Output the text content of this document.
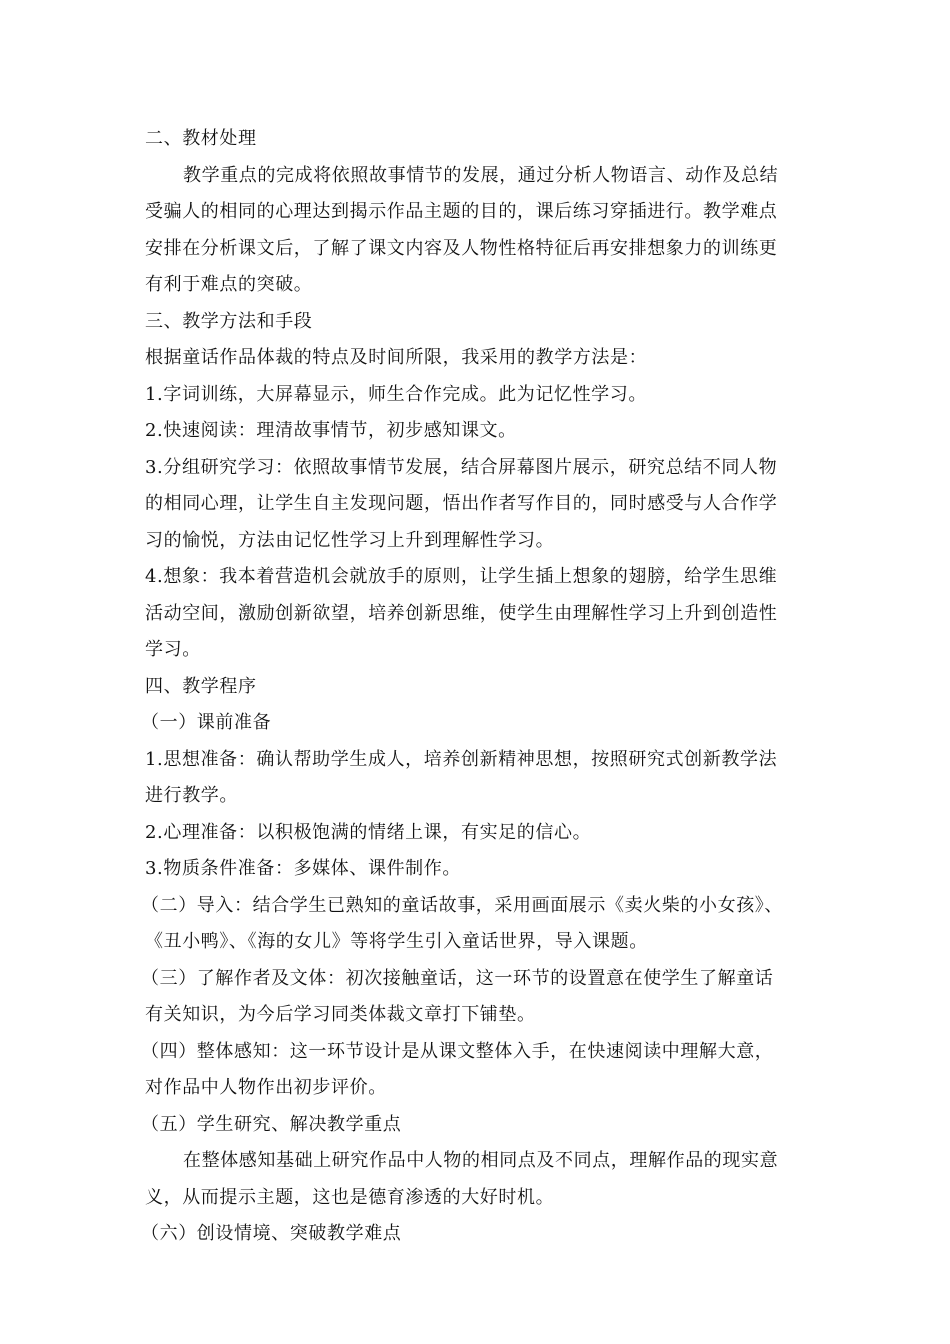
二、教材处理
教学重点的完成将依照故事情节的发展，通过分析人物语言、动作及总结
受骗人的相同的心理达到揭示作品主题的目的，课后练习穿插进行。教学难点
安排在分析课文后，了解了课文内容及人物性格特征后再安排想象力的训练更
有利于难点的突破。
三、教学方法和手段
根据童话作品体裁的特点及时间所限，我采用的教学方法是：
1.字词训练，大屏幕显示，师生合作完成。此为记忆性学习。
2.快速阅读：理清故事情节，初步感知课文。
3.分组研究学习：依照故事情节发展，结合屏幕图片展示，研究总结不同人物
的相同心理，让学生自主发现问题，悟出作者写作目的，同时感受与人合作学
习的愉悦，方法由记忆性学习上升到理解性学习。
4.想象：我本着营造机会就放手的原则，让学生插上想象的翅膀，给学生思维
活动空间，激励创新欲望，培养创新思维，使学生由理解性学习上升到创造性
学习。
四、教学程序
（一）课前准备
1.思想准备：确认帮助学生成人，培养创新精神思想，按照研究式创新教学法
进行教学。
2.心理准备：以积极饱满的情绪上课，有实足的信心。
3.物质条件准备：多媒体、课件制作。
（二）导入：结合学生已熟知的童话故事，采用画面展示《卖火柴的小女孩》、
《丑小鸭》、《海的女儿》等将学生引入童话世界，导入课题。
（三）了解作者及文体：初次接触童话，这一环节的设置意在使学生了解童话
有关知识，为今后学习同类体裁文章打下铺垫。
（四）整体感知：这一环节设计是从课文整体入手，在快速阅读中理解大意，
对作品中人物作出初步评价。
（五）学生研究、解决教学重点
在整体感知基础上研究作品中人物的相同点及不同点，理解作品的现实意
义，从而提示主题，这也是德育渗透的大好时机。
（六）创设情境、突破教学难点
